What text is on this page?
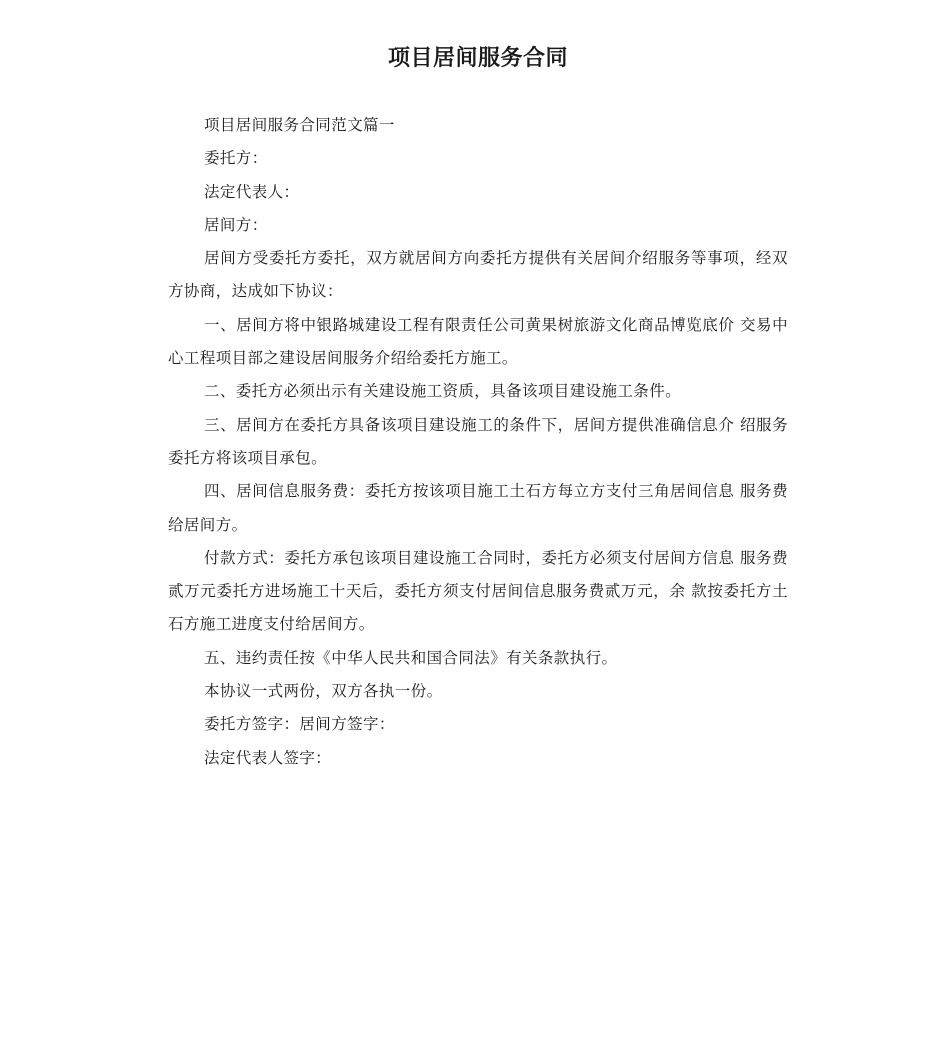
项目居间服务合同

项目居间服务合同范文篇一

委托方：

法定代表人：

居间方：

居间方受委托方委托，双方就居间方向委托方提供有关居间介绍服务等事项，经双方协商，达成如下协议：

一、居间方将中银路城建设工程有限责任公司黄果树旅游文化商品博览底价 交易中心工程项目部之建设居间服务介绍给委托方施工。

二、委托方必须出示有关建设施工资质，具备该项目建设施工条件。

三、居间方在委托方具备该项目建设施工的条件下，居间方提供准确信息介 绍服务委托方将该项目承包。

四、居间信息服务费：委托方按该项目施工土石方每立方支付三角居间信息 服务费给居间方。

付款方式：委托方承包该项目建设施工合同时，委托方必须支付居间方信息 服务费贰万元委托方进场施工十天后，委托方须支付居间信息服务费贰万元，余 款按委托方土石方施工进度支付给居间方。

五、违约责任按《中华人民共和国合同法》有关条款执行。

本协议一式两份，双方各执一份。

委托方签字：居间方签字：

法定代表人签字：
